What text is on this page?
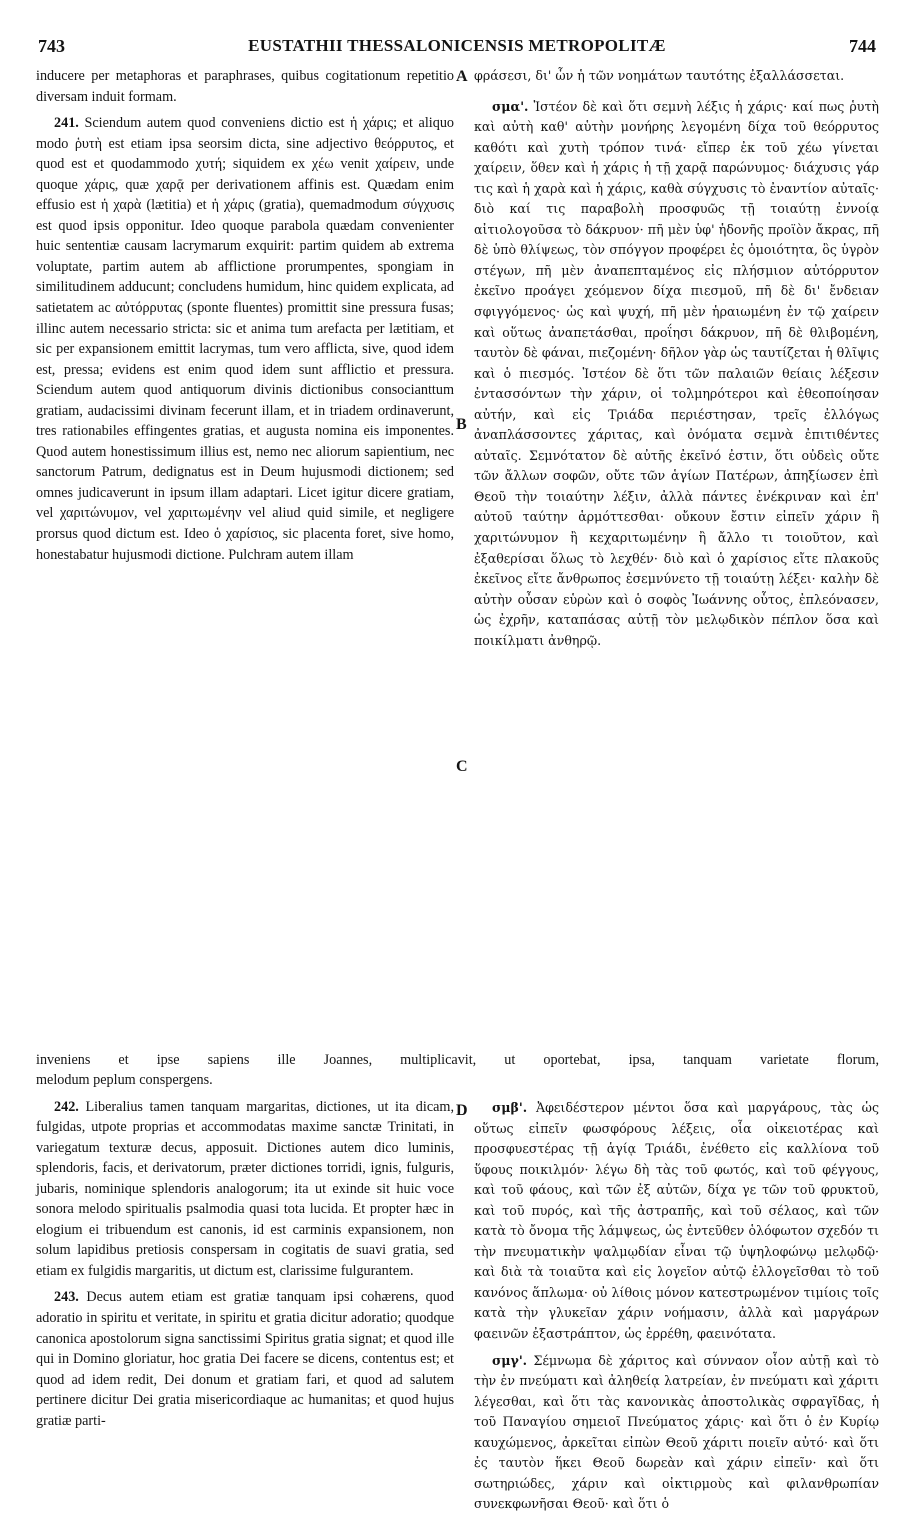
743	EUSTATHII THESSALONICENSIS METROPOLITÆ	744
A
B
C
D

inducere per metaphoras et paraphrases, quibus cogitationum repetitio diversam induit formam.

241. Sciendum autem quod conveniens dictio est ἡ χάρις; et aliquo modo ῥυτὴ est etiam ipsa seorsim dicta, sine adjectivo θεόρρυτος, et quod est et quodammodo χυτή; siquidem ex χέω venit χαίρειν, unde quoque χάρις, quæ χαρᾷ per derivationem affinis est. Quædam enim effusio est ἡ χαρὰ (lætitia) et ἡ χάρις (gratia), quemadmodum σύγχυσις est quod ipsis opponitur. Ideo quoque parabola quædam convenienter huic sententiæ causam lacrymarum exquirit: partim quidem ab extrema voluptate, partim autem ab afflictione prorumpentes, spongiam in similitudinem adducunt; concludens humidum, hinc quidem explicata, ad satietatem ac αὐτόρρυτας (sponte fluentes) promittit sine pressura fusas; illinc autem necessario stricta: sic et anima tum arefacta per lætitiam, et sic per expansionem emittit lacrymas, tum vero afflicta, sive, quod idem est, pressa; evidens est enim quod idem sunt afflictio et pressura. Sciendum autem quod antiquorum divinis dictionibus consocianttum gratiam, audacissimi divinam fecerunt illam, et in triadem ordinaverunt, tres rationabiles effingentes gratias, et augusta nomina eis imponentes. Quod autem honestissimum illius est, nemo nec aliorum sapientium, nec sanctorum Patrum, dedignatus est in Deum hujusmodi dictionem; sed omnes judicaverunt in ipsum illam adaptari. Licet igitur dicere gratiam, vel χαριτώνυμον, vel χαριτωμένην vel aliud quid simile, et negligere prorsus quod dictum est. Ideo ὁ χαρίσιος, sic placenta foret, sive homo, honestabatur hujusmodi dictione. Pulchram autem illam

φράσεσι, δι' ὧν ἡ τῶν νοημάτων ταυτότης ἐξαλλάσσεται.

σμα'. Ἰστέον δὲ καὶ ὅτι σεμνὴ λέξις ἡ χάρις· καί πως ῥυτὴ καὶ αὐτὴ καθ' αὑτὴν μονήρης λεγομένη δίχα τοῦ θεόρρυτος καθότι καὶ χυτὴ τρόπον τινά· εἴπερ ἐκ τοῦ χέω γίνεται χαίρειν, ὅθεν καὶ ἡ χάρις ἡ τῇ χαρᾷ παρώνυμος· διάχυσις γάρ τις καὶ ἡ χαρὰ καὶ ἡ χάρις, καθὰ σύγχυσις τὸ ἐναντίον αὐταῖς· διὸ καί τις παραβολὴ προσφυῶς τῇ τοιαύτῃ ἐννοίᾳ αἰτιολογοῦσα τὸ δάκρυον· πῆ μὲν ὑφ' ἡδονῆς προϊὸν ἄκρας, πῆ δὲ ὑπὸ θλίψεως, τὸν σπόγγον προφέρει ἐς ὁμοιότητα, ὃς ὑγρὸν στέγων, πῆ μὲν ἀναπεπταμένος εἰς πλήσμιον αὐτόρρυτον ἐκεῖνο προάγει χεόμενον δίχα πιεσμοῦ, πῆ δὲ δι' ἔνδειαν σφιγγόμενος· ὡς καὶ ψυχή, πῆ μὲν ἡραιωμένη ἐν τῷ χαίρειν καὶ οὕτως ἀναπετάσθαι, προΐησι δάκρυον, πῆ δὲ θλιβομένη, ταυτὸν δὲ φάναι, πιεζομένη· δῆλον γὰρ ὡς ταυτίζεται ἡ θλῖψις καὶ ὁ πιεσμός. Ἰστέον δὲ ὅτι τῶν παλαιῶν θείαις λέξεσιν ἐντασσόντων τὴν χάριν, οἱ τολμηρότεροι καὶ ἐθεοποίησαν αὐτήν, καὶ εἰς Τριάδα περιέστησαν, τρεῖς ἐλλόγως ἀναπλάσσοντες χάριτας, καὶ ὀνόματα σεμνὰ ἐπιτιθέντες αὐταῖς. Σεμνότατον δὲ αὐτῆς ἐκεῖνό ἐστιν, ὅτι οὐδεὶς οὔτε τῶν ἄλλων σοφῶν, οὔτε τῶν ἁγίων Πατέρων, ἀπηξίωσεν ἐπὶ Θεοῦ τὴν τοιαύτην λέξιν, ἀλλὰ πάντες ἐνέκριναν καὶ ἐπ' αὐτοῦ ταύτην ἁρμόττεσθαι· οὔκουν ἔστιν εἰπεῖν χάριν ἢ χαριτώνυμον ἢ κεχαριτωμένην ἢ ἄλλο τι τοιοῦτον, καὶ ἐξαθερίσαι ὅλως τὸ λεχθέν· διὸ καὶ ὁ χαρίσιος εἴτε πλακοῦς ἐκεῖνος εἴτε ἄνθρωπος ἐσεμνύνετο τῇ τοιαύτῃ λέξει· καλὴν δὲ αὐτὴν οὖσαν εὑρὼν καὶ ὁ σοφὸς Ἰωάννης οὗτος, ἐπλεόνασεν, ὡς ἐχρῆν, καταπάσας αὐτῇ τὸν μελῳδικὸν πέπλον ὅσα καὶ ποικίλματι ἀνθηρῷ.

inveniens et ipse sapiens ille Joannes, multiplicavit, ut oportebat, ipsa, tanquam varietate florum,

melodum peplum conspergens.

242. Liberalius tamen tanquam margaritas, dictiones, ut ita dicam, fulgidas, utpote proprias et accommodatas maxime sanctæ Trinitati, in variegatum texturæ decus, apposuit. Dictiones autem dico luminis, splendoris, facis, et derivatorum, præter dictiones torridi, ignis, fulguris, jubaris, nominique splendoris analogorum; ita ut exinde sit huic voce sonora melodo spiritualis psalmodia quasi tota lucida. Et propter hæc in elogium ei tribuendum est canonis, id est carminis expansionem, non solum lapidibus pretiosis conspersam in cogitatis de suavi gratia, sed etiam ex fulgidis margaritis, ut dictum est, clarissime fulgurantem.

243. Decus autem etiam est gratiæ tanquam ipsi cohærens, quod adoratio in spiritu et veritate, in spiritu et gratia dicitur adoratio; quodque canonica apostolorum signa sanctissimi Spiritus gratia signat; et quod ille qui in Domino gloriatur, hoc gratia Dei facere se dicens, contentus est; et quod ad idem redit, Dei donum et gratiam fari, et quod ad salutem pertinere dicitur Dei gratia misericordiaque ac humanitas; et quod hujus gratiæ parti-

σμβ'. Ἀφειδέστερον μέντοι ὅσα καὶ μαργάρους, τὰς ὡς οὕτως εἰπεῖν φωσφόρους λέξεις, οἷα οἰκειοτέρας καὶ προσφυεστέρας τῇ ἁγίᾳ Τριάδι, ἐνέθετο εἰς καλλίονα τοῦ ὕφους ποικιλμόν· λέγω δὴ τὰς τοῦ φωτός, καὶ τοῦ φέγγους, καὶ τοῦ φάους, καὶ τῶν ἐξ αὐτῶν, δίχα γε τῶν τοῦ φρυκτοῦ, καὶ τοῦ πυρός, καὶ τῆς ἀστραπῆς, καὶ τοῦ σέλαος, καὶ τῶν κατὰ τὸ ὄνομα τῆς λάμψεως, ὡς ἐντεῦθεν ὁλόφωτον σχεδόν τι τὴν πνευματικὴν ψαλμῳδίαν εἶναι τῷ ὑψηλοφώνῳ μελῳδῷ· καὶ διὰ τὰ τοιαῦτα καὶ εἰς λογεῖον αὐτῷ ἐλλογεῖσθαι τὸ τοῦ κανόνος ἅπλωμα· οὐ λίθοις μόνον κατεστρωμένον τιμίοις τοῖς κατὰ τὴν γλυκεῖαν χάριν νοήμασιν, ἀλλὰ καὶ μαργάρων φαεινῶν ἐξαστράπτον, ὡς ἐρρέθη, φαεινότατα.

σμγ'. Σέμνωμα δὲ χάριτος καὶ σύνναον οἷον αὐτῇ καὶ τὸ τὴν ἐν πνεύματι καὶ ἀληθείᾳ λατρείαν, ἐν πνεύματι καὶ χάριτι λέγεσθαι, καὶ ὅτι τὰς κανονικὰς ἀποστολικὰς σφραγῖδας, ἡ τοῦ Παναγίου σημειοῖ Πνεύματος χάρις· καὶ ὅτι ὁ ἐν Κυρίῳ καυχώμενος, ἀρκεῖται εἰπὼν Θεοῦ χάριτι ποιεῖν αὐτό· καὶ ὅτι ἐς ταυτὸν ἥκει Θεοῦ δωρεὰν καὶ χάριν εἰπεῖν· καὶ ὅτι σωτηριώδες, χάριν καὶ οἰκτιρμοὺς καὶ φιλανθρωπίαν συνεκφωνῆσαι Θεοῦ· καὶ ὅτι ὁ
